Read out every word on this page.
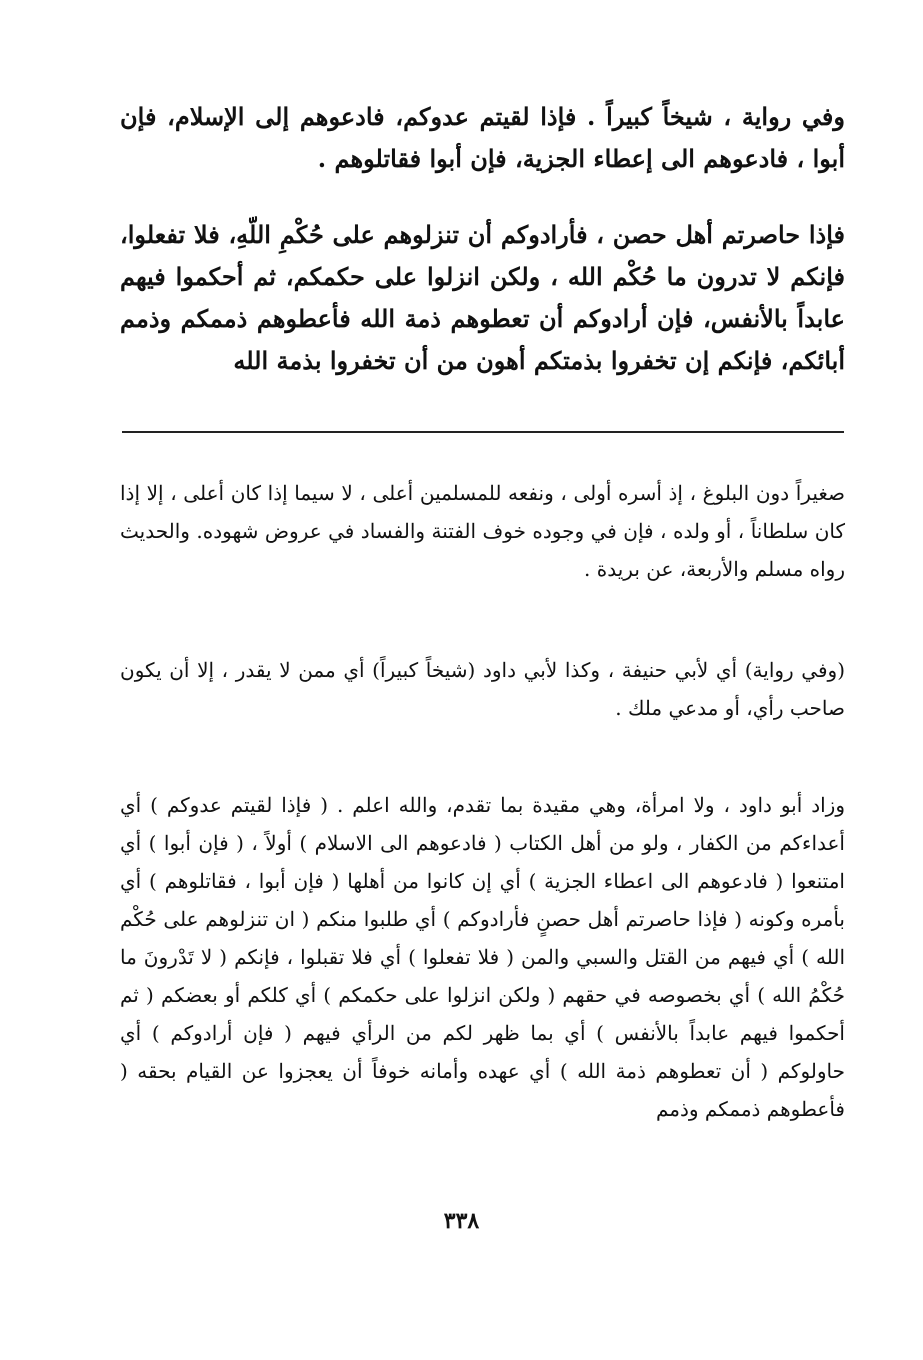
وفي رواية ، شيخاً كبيراً . فإذا لقيتم عدوكم، فادعوهم إلى الإسلام، فإن أبوا ، فادعوهم الى إعطاء الجزية، فإن أبوا فقاتلوهم .

فإذا حاصرتم أهل حصن ، فأرادوكم أن تنزلوهم على حُكْمِ اللّهِ، فلا تفعلوا، فإنكم لا تدرون ما حُكْم الله ، ولكن انزلوا على حكمكم، ثم أحكموا فيهم عابداً بالأنفس، فإن أرادوكم أن تعطوهم ذمة الله فأعطوهم ذممكم وذمم أبائكم، فإنكم إن تخفروا بذمتكم أهون من أن تخفروا بذمة الله

صغيراً دون البلوغ ، إذ أسره أولى ، ونفعه للمسلمين أعلى ، لا سيما إذا كان أعلى ، إلا إذا كان سلطاناً ، أو ولده ، فإن في وجوده خوف الفتنة والفساد في عروض شهوده. والحديث رواه مسلم والأربعة، عن بريدة .

(وفي رواية) أي لأبي حنيفة ، وكذا لأبي داود (شيخاً كبيراً) أي ممن لا يقدر ، إلا أن يكون صاحب رأي، أو مدعي ملك .

وزاد أبو داود ، ولا امرأة، وهي مقيدة بما تقدم، والله اعلم . ( فإذا لقيتم عدوكم ) أي أعداءكم من الكفار ، ولو من أهل الكتاب ( فادعوهم الى الاسلام ) أولاً ، ( فإن أبوا ) أي امتنعوا ( فادعوهم الى اعطاء الجزية ) أي إن كانوا من أهلها ( فإن أبوا ، فقاتلوهم ) أي بأمره وكونه ( فإذا حاصرتم أهل حصنٍ فأرادوكم ) أي طلبوا منكم ( ان تنزلوهم على حُكْم الله ) أي فيهم من القتل والسبي والمن ( فلا تفعلوا ) أي فلا تقبلوا ، فإنكم ( لا تَدْرونَ ما حُكْمُ الله ) أي بخصوصه في حقهم ( ولكن انزلوا على حكمكم ) أي كلكم أو بعضكم ( ثم أحكموا فيهم عابداً بالأنفس ) أي بما ظهر لكم من الرأي فيهم ( فإن أرادوكم ) أي حاولوكم ( أن تعطوهم ذمة الله ) أي عهده وأمانه خوفاً أن يعجزوا عن القيام بحقه ( فأعطوهم ذممكم وذمم

٣٣٨
